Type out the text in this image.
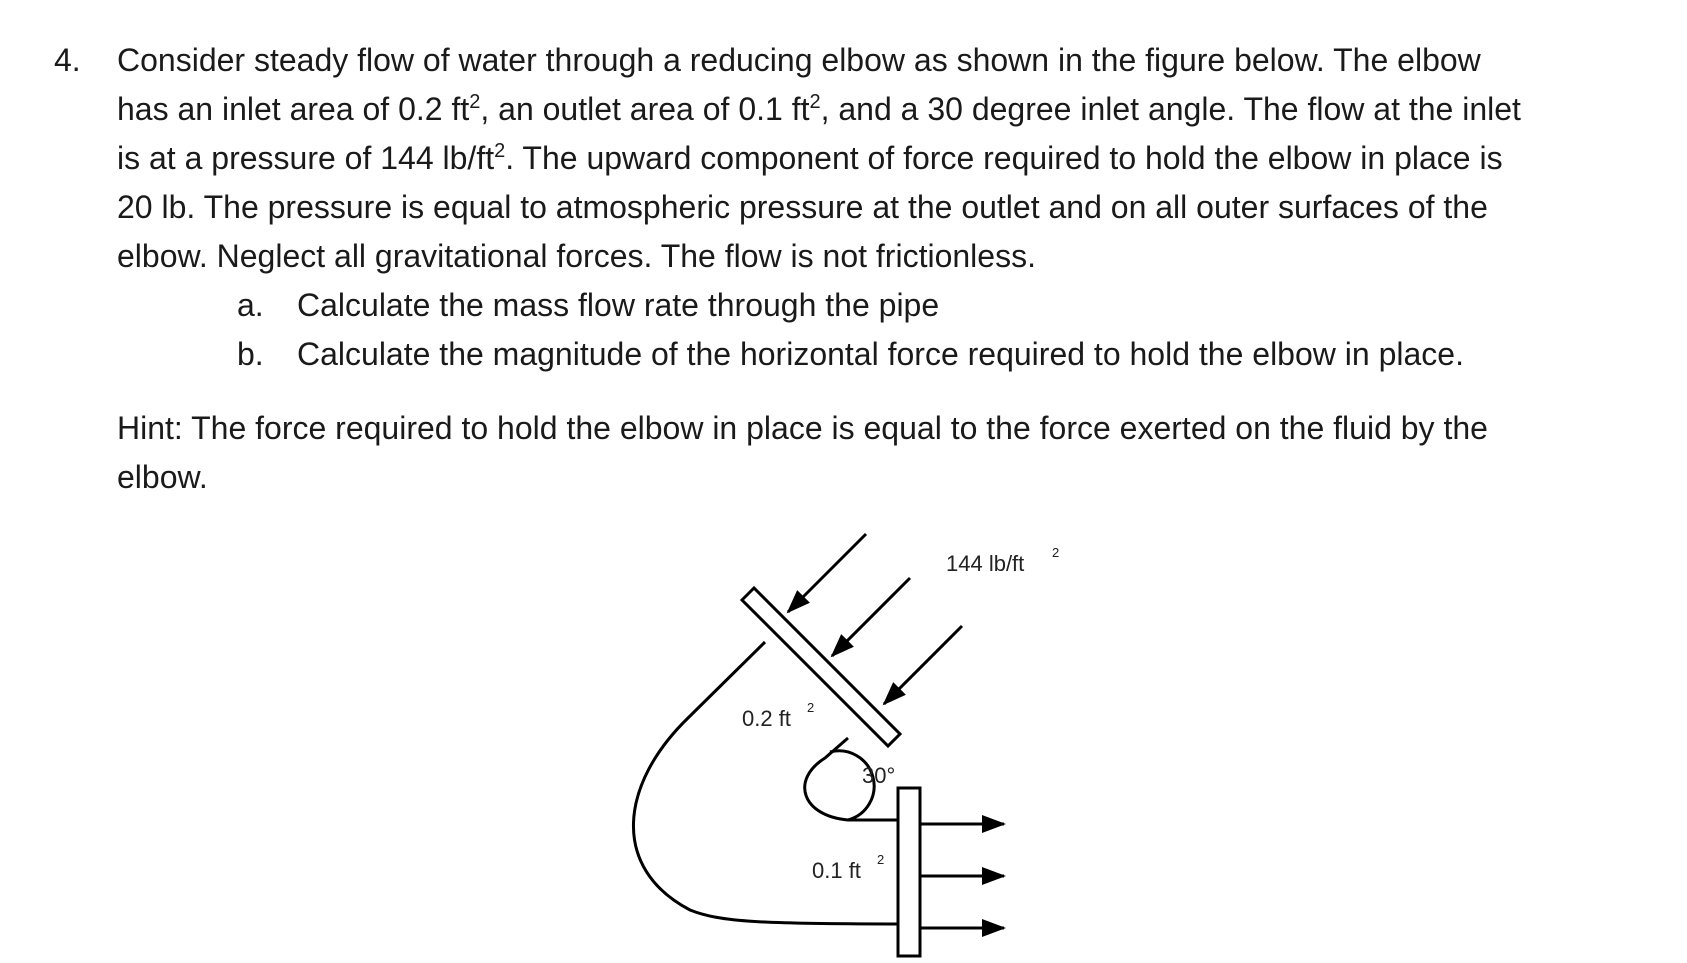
4. Consider steady flow of water through a reducing elbow as shown in the figure below. The elbow
has an inlet area of 0.2 $ft^2$, an outlet area of 0.1 $ft^2$, and a 30 degree inlet angle. The flow at the inlet
is at a pressure of 144 $lb/ft^2$. The upward component of force required to hold the elbow in place is
20 lb. The pressure is equal to atmospheric pressure at the outlet and on all outer surfaces of the
elbow. Neglect all gravitational forces. The flow is not frictionless.
a. Calculate the mass flow rate through the pipe
b. Calculate the magnitude of the horizontal force required to hold the elbow in place.
Hint: The force required to hold the elbow in place is equal to the force exerted on the fluid by the
elbow.
144 lb/ft 2
0.2 ft 2
30°
0.1 ft 2
